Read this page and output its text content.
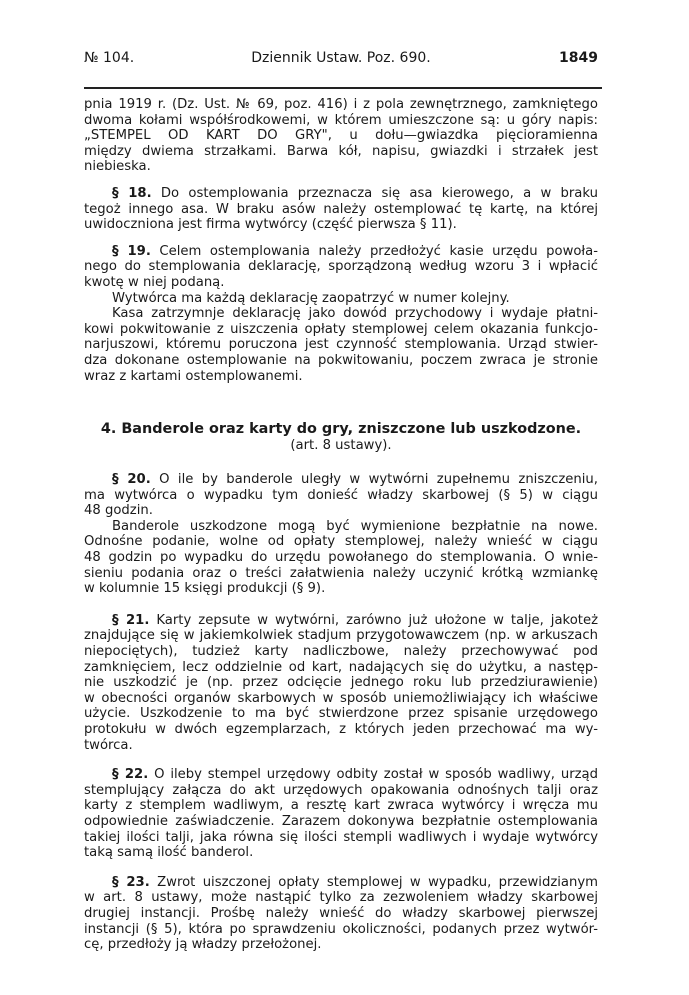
№ 104.	Dziennik Ustaw. Poz. 690.	1849
pnia 1919 r. (Dz. Ust. № 69, poz. 416) i z pola zewnętrznego, zamkniętego
dwoma kołami współśrodkowemi, w którem umieszczone są: u góry napis:
„STEMPEL OD KART DO GRY", u dołu—gwiazdka pięcioramienna
między dwiema strzałkami. Barwa kół, napisu, gwiazdki i strzałek jest
niebieska.
§ 18. Do ostemplowania przeznacza się asa kierowego, a w braku
tegoż innego asa. W braku asów należy ostemplować tę kartę, na której
uwidoczniona jest firma wytwórcy (część pierwsza § 11).
§ 19. Celem ostemplowania należy przedłożyć kasie urzędu powoła-
nego do stemplowania deklarację, sporządzoną według wzoru 3 i wpłacić
kwotę w niej podaną.
Wytwórca ma każdą deklarację zaopatrzyć w numer kolejny.
Kasa zatrzymnje deklarację jako dowód przychodowy i wydaje płatni-
kowi pokwitowanie z uiszczenia opłaty stemplowej celem okazania funkcjo-
narjuszowi, któremu poruczona jest czynność stemplowania. Urząd stwier-
dza dokonane ostemplowanie na pokwitowaniu, poczem zwraca je stronie
wraz z kartami ostemplowanemi.
4. Banderole oraz karty do gry, zniszczone lub uszkodzone.
(art. 8 ustawy).
§ 20. O ile by banderole uległy w wytwórni zupełnemu zniszczeniu,
ma wytwórca o wypadku tym donieść władzy skarbowej (§ 5) w ciągu
48 godzin.
Banderole uszkodzone mogą być wymienione bezpłatnie na nowe.
Odnośne podanie, wolne od opłaty stemplowej, należy wnieść w ciągu
48 godzin po wypadku do urzędu powołanego do stemplowania. O wnie-
sieniu podania oraz o treści załatwienia należy uczynić krótką wzmiankę
w kolumnie 15 księgi produkcji (§ 9).
§ 21. Karty zepsute w wytwórni, zarówno już ułożone w talje, jakoteż
znajdujące się w jakiemkolwiek stadjum przygotowawczem (np. w arkuszach
niepociętych), tudzież karty nadliczbowe, należy przechowywać pod
zamknięciem, lecz oddzielnie od kart, nadających się do użytku, a następ-
nie uszkodzić je (np. przez odcięcie jednego roku lub przedziurawienie)
w obecności organów skarbowych w sposób uniemożliwiający ich właściwe
użycie. Uszkodzenie to ma być stwierdzone przez spisanie urzędowego
protokułu w dwóch egzemplarzach, z których jeden przechować ma wy-
twórca.
§ 22. O ileby stempel urzędowy odbity został w sposób wadliwy, urząd
stemplujący załącza do akt urzędowych opakowania odnośnych talji oraz
karty z stemplem wadliwym, a resztę kart zwraca wytwórcy i wręcza mu
odpowiednie zaświadczenie. Zarazem dokonywa bezpłatnie ostemplowania
takiej ilości talji, jaka równa się ilości stempli wadliwych i wydaje wytwórcy
taką samą ilość banderol.
§ 23. Zwrot uiszczonej opłaty stemplowej w wypadku, przewidzianym
w art. 8 ustawy, może nastąpić tylko za zezwoleniem władzy skarbowej
drugiej instancji. Prośbę należy wnieść do władzy skarbowej pierwszej
instancji (§ 5), która po sprawdzeniu okoliczności, podanych przez wytwór-
cę, przedłoży ją władzy przełożonej.
